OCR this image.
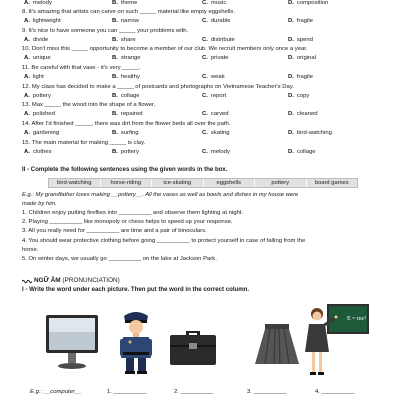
A. melody	B. theme	C. music	D. composition
8. It's amazing that artists can carve on such _____ material like empty eggshells.
A. lightweight	B. narrow	C. durable	D. fragile
9. It's nice to have someone you can _____ your problems with.
A. divide	B. share	C. distribute	D. spend
10. Don't miss this _____ opportunity to become a member of our club. We recruit members only once a year.
A. unique	B. strange	C. private	D. original
11. Be careful with that vase - it's very _____.
A. light	B. healthy	C. weak	D. fragile
12. My class has decided to make a _____ of postcards and photographs on Vietnamese Teacher's Day.
A. pottery	B. collage	C. report	D. copy
13. Max _____ the wood into the shape of a flower.
A. polished	B. repaired	C. carved	D. cleaned
14. After I'd finished _____, there was dirt from the flower beds all over the path.
A. gardening	B. surfing	C. skating	D. bird-watching
15. The main material for making _____ is clay.
A. clothes	B. pottery	C. melody	D. collage
II - Complete the following sentences using the given words in the box.
bird-watching	horse-riding	ice-skating	eggshells	pottery	board games
E.g.: My grandfather loves making __pottery__. All the vases as well as bowls and dishes in my house were
made by him.
1. Children enjoy putting fireflies into __________ and observe them lighting at night.
2. Playing __________ like monopoly or chess helps to speed up your response.
3. All you really need for __________ are time and a pair of binoculars.
4. You should wear protective clothing before going __________ to protect yourself in case of falling from the
horse.
5. On winter days, we usually go __________ on the lake at Jackson Park.
NGỮ ÂM (PRONUNCIATION)
I - Write the word under each picture. Then put the word in the correct column.
E = mc²
E.g.: __computer__	1. __________	2. __________	3. __________	4. __________
